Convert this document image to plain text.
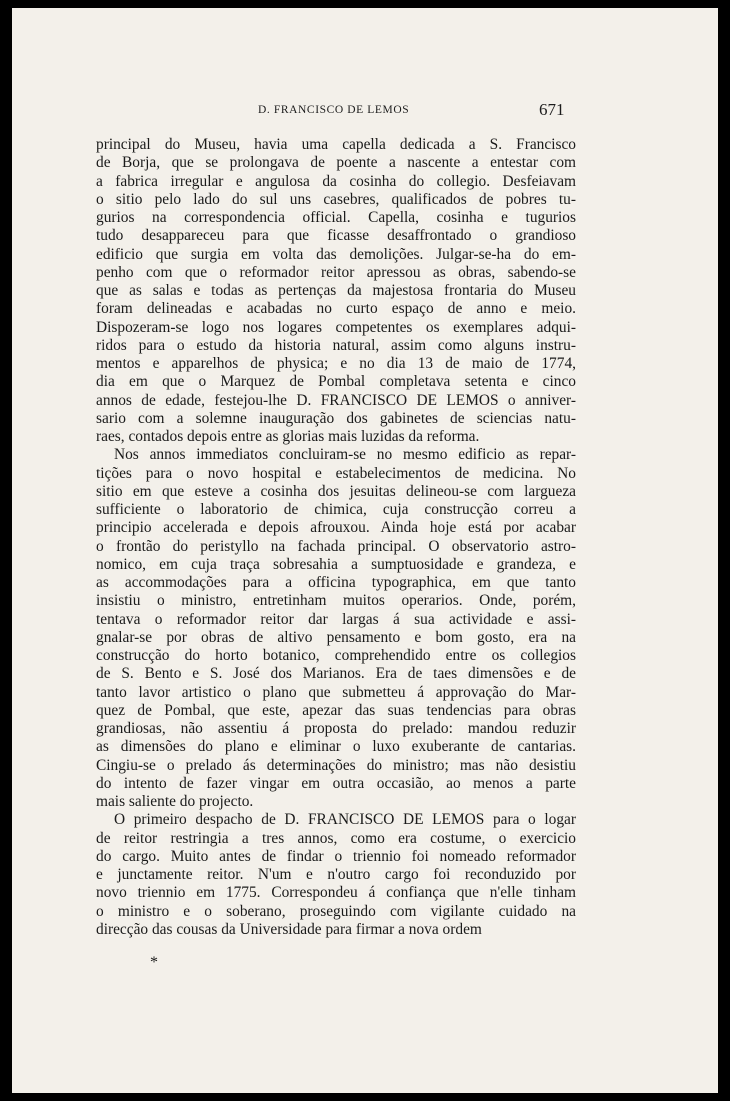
D. FRANCISCO DE LEMOS	671
principal do Museu, havia uma capella dedicada a S. Francisco
de Borja, que se prolongava de poente a nascente a entestar com
a fabrica irregular e angulosa da cosinha do collegio. Desfeiavam
o sitio pelo lado do sul uns casebres, qualificados de pobres tu-
gurios na correspondencia official. Capella, cosinha e tugurios
tudo desappareceu para que ficasse desaffrontado o grandioso
edificio que surgia em volta das demolições. Julgar-se-ha do em-
penho com que o reformador reitor apressou as obras, sabendo-se
que as salas e todas as pertenças da majestosa frontaria do Museu
foram delineadas e acabadas no curto espaço de anno e meio.
Dispozeram-se logo nos logares competentes os exemplares adqui-
ridos para o estudo da historia natural, assim como alguns instru-
mentos e apparelhos de physica; e no dia 13 de maio de 1774,
dia em que o Marquez de Pombal completava setenta e cinco
annos de edade, festejou-lhe D. FRANCISCO DE LEMOS o anniver-
sario com a solemne inauguração dos gabinetes de sciencias natu-
raes, contados depois entre as glorias mais luzidas da reforma.
Nos annos immediatos concluiram-se no mesmo edificio as repar-
tições para o novo hospital e estabelecimentos de medicina. No
sitio em que esteve a cosinha dos jesuitas delineou-se com largueza
sufficiente o laboratorio de chimica, cuja construcção correu a
principio accelerada e depois afrouxou. Ainda hoje está por acabar
o frontão do peristyllo na fachada principal. O observatorio astro-
nomico, em cuja traça sobresahia a sumptuosidade e grandeza, e
as accommodações para a officina typographica, em que tanto
insistiu o ministro, entretinham muitos operarios. Onde, porém,
tentava o reformador reitor dar largas á sua actividade e assi-
gnalar-se por obras de altivo pensamento e bom gosto, era na
construcção do horto botanico, comprehendido entre os collegios
de S. Bento e S. José dos Marianos. Era de taes dimensões e de
tanto lavor artistico o plano que submetteu á approvação do Mar-
quez de Pombal, que este, apezar das suas tendencias para obras
grandiosas, não assentiu á proposta do prelado: mandou reduzir
as dimensões do plano e eliminar o luxo exuberante de cantarias.
Cingiu-se o prelado ás determinações do ministro; mas não desistiu
do intento de fazer vingar em outra occasião, ao menos a parte
mais saliente do projecto.
O primeiro despacho de D. FRANCISCO DE LEMOS para o logar
de reitor restringia a tres annos, como era costume, o exercicio
do cargo. Muito antes de findar o triennio foi nomeado reformador
e junctamente reitor. N'um e n'outro cargo foi reconduzido por
novo triennio em 1775. Correspondeu á confiança que n'elle tinham
o ministro e o soberano, proseguindo com vigilante cuidado na
direcção das cousas da Universidade para firmar a nova ordem
*
